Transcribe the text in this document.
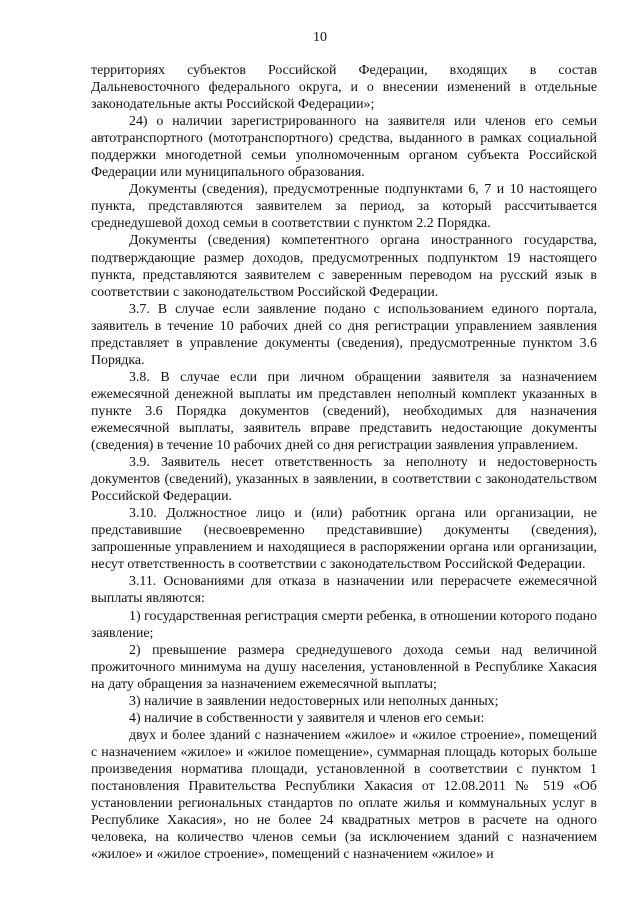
10

территориях субъектов Российской Федерации, входящих в состав Дальневосточного федерального округа, и о внесении изменений в отдельные законодательные акты Российской Федерации»;

24) о наличии зарегистрированного на заявителя или членов его семьи автотранспортного (мототранспортного) средства, выданного в рамках социальной поддержки многодетной семьи уполномоченным органом субъекта Российской Федерации или муниципального образования.

Документы (сведения), предусмотренные подпунктами 6, 7 и 10 настоящего пункта, представляются заявителем за период, за который рассчитывается среднедушевой доход семьи в соответствии с пунктом 2.2 Порядка.

Документы (сведения) компетентного органа иностранного государства, подтверждающие размер доходов, предусмотренных подпунктом 19 настоящего пункта, представляются заявителем с заверенным переводом на русский язык в соответствии с законодательством Российской Федерации.

3.7. В случае если заявление подано с использованием единого портала, заявитель в течение 10 рабочих дней со дня регистрации управлением заявления представляет в управление документы (сведения), предусмотренные пунктом 3.6 Порядка.

3.8. В случае если при личном обращении заявителя за назначением ежемесячной денежной выплаты им представлен неполный комплект указанных в пункте 3.6 Порядка документов (сведений), необходимых для назначения ежемесячной выплаты, заявитель вправе представить недостающие документы (сведения) в течение 10 рабочих дней со дня регистрации заявления управлением.

3.9. Заявитель несет ответственность за неполноту и недостоверность документов (сведений), указанных в заявлении, в соответствии с законодательством Российской Федерации.

3.10. Должностное лицо и (или) работник органа или организации, не представившие (несвоевременно представившие) документы (сведения), запрошенные управлением и находящиеся в распоряжении органа или организации, несут ответственность в соответствии с законодательством Российской Федерации.

3.11. Основаниями для отказа в назначении или перерасчете ежемесячной выплаты являются:

1) государственная регистрация смерти ребенка, в отношении которого подано заявление;

2) превышение размера среднедушевого дохода семьи над величиной прожиточного минимума на душу населения, установленной в Республике Хакасия на дату обращения за назначением ежемесячной выплаты;

3) наличие в заявлении недостоверных или неполных данных;

4) наличие в собственности у заявителя и членов его семьи:

двух и более зданий с назначением «жилое» и «жилое строение», помещений с назначением «жилое» и «жилое помещение», суммарная площадь которых больше произведения норматива площади, установленной в соответствии с пунктом 1 постановления Правительства Республики Хакасия от 12.08.2011 № 519 «Об установлении региональных стандартов по оплате жилья и коммунальных услуг в Республике Хакасия», но не более 24 квадратных метров в расчете на одного человека, на количество членов семьи (за исключением зданий с назначением «жилое» и «жилое строение», помещений с назначением «жилое» и
